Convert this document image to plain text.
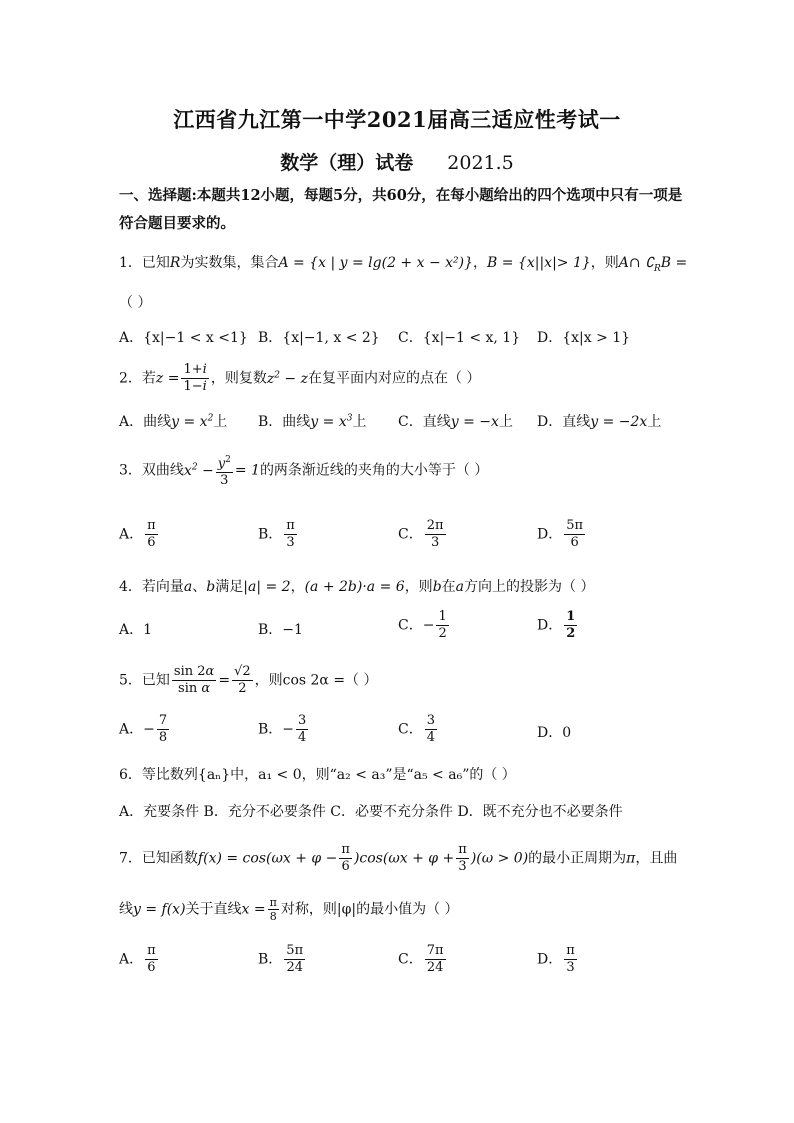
江西省九江第一中学2021届高三适应性考试一
数学（理）试卷 2021.5
一、选择题:本题共12小题，每题5分，共60分，在每小题给出的四个选项中只有一项是符合题目要求的。
1．已知R为实数集，集合A = {x | y = lg(2 + x − x²)}，B = {x||x|> 1}，则A∩ $∁_RB$ =
（ ）
A．{x|−1 < x <1} B．{x|−1, x < 2} C．{x|−1 < x, 1} D．{x|x > 1}
2．若$z = \frac{1+i}{1-i}$ ，则复数$z^2 - z$在复平面内对应的点在（ ）
A．曲线$y = x^2$上 B．曲线$y = x^3$上 C．直线y = −x上 D．直线y = −2x上
3．双曲线$x^2 - \frac{y^2}{3} = 1$的两条渐近线的夹角的大小等于（ ）
A． $\frac{\pi}{6}$	B． $\frac{\pi}{3}$	C． $\frac{2\pi}{3}$	D． $\frac{5\pi}{6}$
4．若向量a、b满足|a| = 2，(a + 2b)·a = 6，则b在a方向上的投影为（ ）
A．1	B．−1	C．− $\frac{1}{2}$	D． $\frac{1}{2}$
5．已知 $\frac{\sin 2\alpha}{\text{sin α}} = \frac{√2}{2}$ ，则cos 2α =（ ）
A．− $\frac{7}{8}$	B．− $\frac{3}{4}$	C． $\frac{3}{4}$	D．0
6．等比数列{aₙ}中，a₁ < 0，则“a₂ < a₃”是“a₅ < a₆”的（ ）
A．充要条件 B．充分不必要条件 C．必要不充分条件 D．既不充分也不必要条件
7．已知函数$f(x) = \cos(\omega x + \varphi - \frac{\pi}{6} )\cos(\omega x + \varphi + \frac{\pi}{3} )(\omega > 0)$的最小正周期为π，且曲
线y = f(x)关于直线$x = \frac{\pi}{8}$ 对称，则|φ|的最小值为（ ）
A． $\frac{\pi}{6}$	B． $\frac{5\pi}{24}$	C． $\frac{7\pi}{24}$	D． $\frac{\pi}{3}$
